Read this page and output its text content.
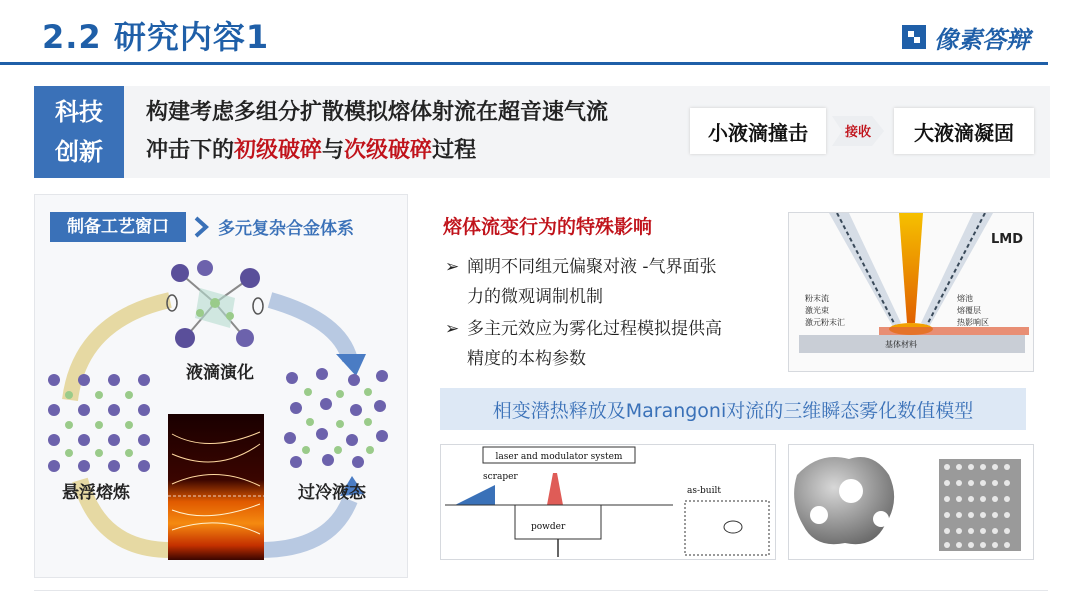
2.2 研究内容1	像素答辩
科技
创新
构建考虑多组分扩散模拟熔体射流在超音速气流
冲击下的初级破碎与次级破碎过程
小液滴撞击	接收	大液滴凝固
制备工艺窗口	多元复杂合金体系
液滴演化
悬浮熔炼	过冷液态
熔体流变行为的特殊影响
➢ 阐明不同组元偏聚对液 -气界面张
力的微观调制机制
➢ 多主元效应为雾化过程模拟提供高
精度的本构参数
LMD
粉末流
激光束
激元粉末汇
熔池
熔覆层
热影响区
基体材料
相变潜热释放及Marangoni对流的三维瞬态雾化数值模型
laser and modulator system
scraper
powder
as-built
